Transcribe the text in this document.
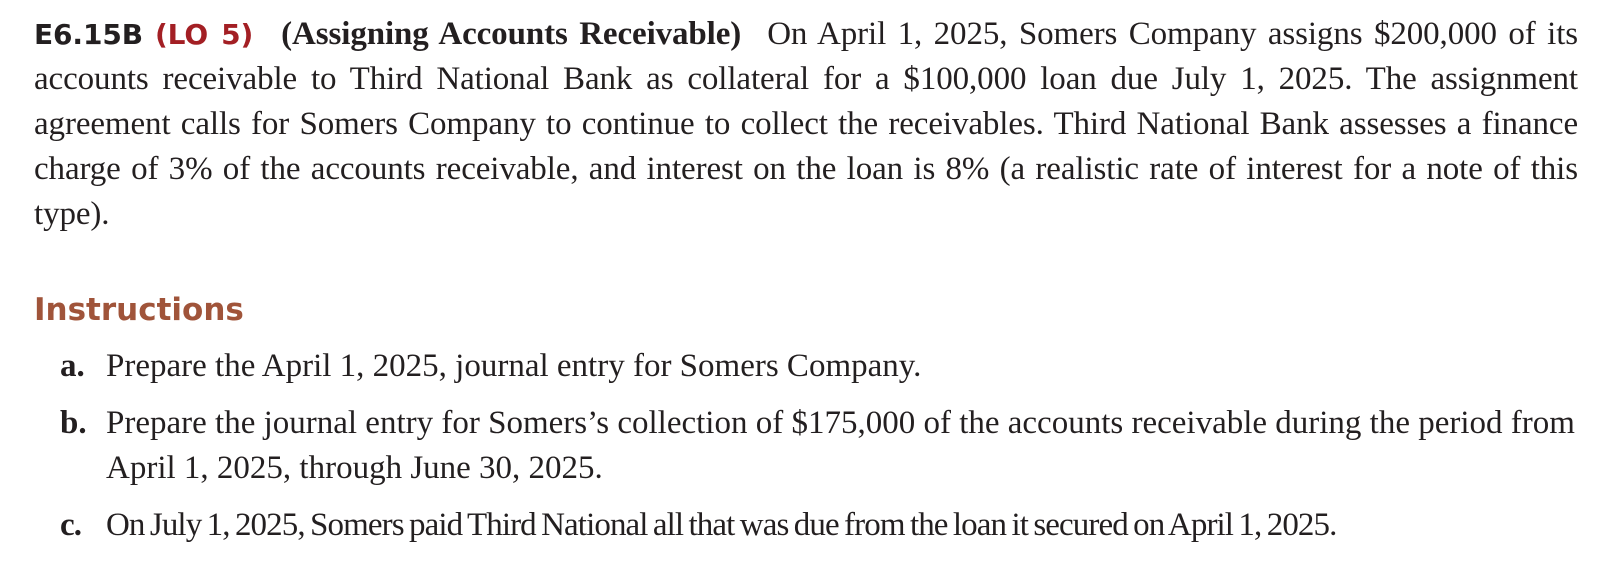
E6.15B (LO 5) (Assigning Accounts Receivable) On April 1, 2025, Somers Company assigns $200,000 of its accounts receivable to Third National Bank as collateral for a $100,000 loan due July 1, 2025. The assignment agreement calls for Somers Company to continue to collect the receivables. Third National Bank assesses a finance charge of 3% of the accounts receivable, and interest on the loan is 8% (a realistic rate of interest for a note of this type).

Instructions
a. Prepare the April 1, 2025, journal entry for Somers Company.
b. Prepare the journal entry for Somers’s collection of $175,000 of the accounts receivable during the period from April 1, 2025, through June 30, 2025.
c. On July 1, 2025, Somers paid Third National all that was due from the loan it secured on April 1, 2025.
